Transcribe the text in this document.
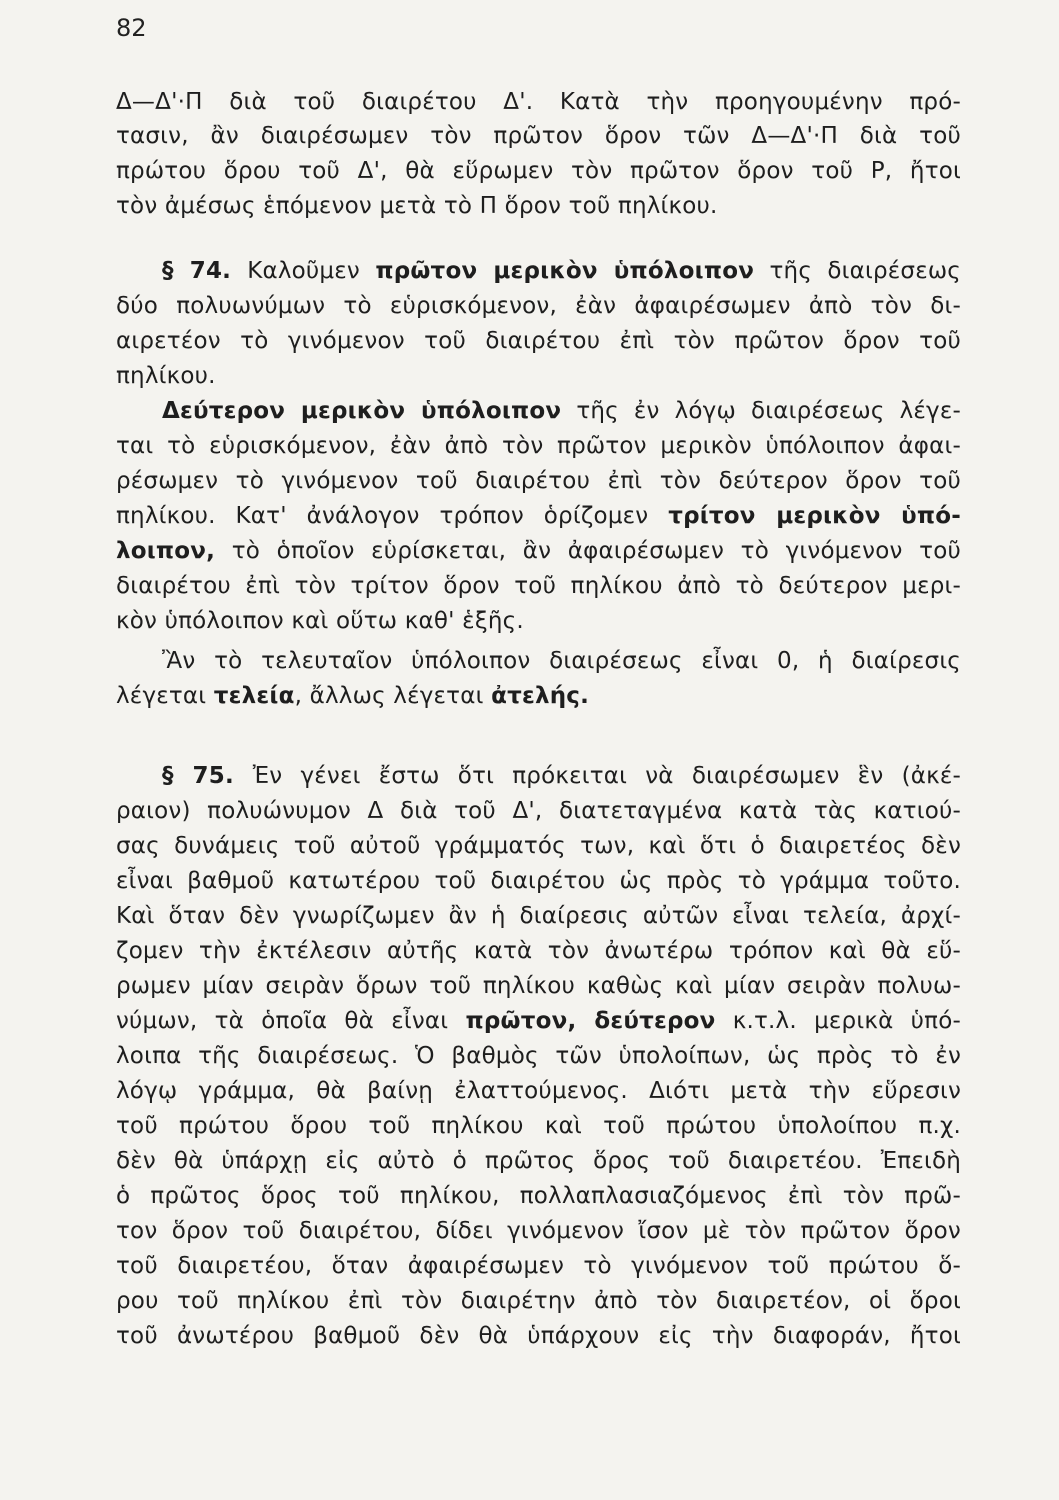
82
Δ—Δ'·Π διὰ τοῦ διαιρέτου Δ'. Κατὰ τὴν προηγουμένην πρό-
τασιν, ἂν διαιρέσωμεν τὸν πρῶτον ὅρον τῶν Δ—Δ'·Π διὰ τοῦ
πρώτου ὅρου τοῦ Δ', θὰ εὕρωμεν τὸν πρῶτον ὅρον τοῦ Ρ, ἤτοι
τὸν ἀμέσως ἑπόμενον μετὰ τὸ Π ὅρον τοῦ πηλίκου.
§ 74. Καλοῦμεν πρῶτον μερικὸν ὑπόλοιπον τῆς διαιρέσεως
δύο πολυωνύμων τὸ εὑρισκόμενον, ἐὰν ἀφαιρέσωμεν ἀπὸ τὸν δι-
αιρετέον τὸ γινόμενον τοῦ διαιρέτου ἐπὶ τὸν πρῶτον ὅρον τοῦ
πηλίκου.
Δεύτερον μερικὸν ὑπόλοιπον τῆς ἐν λόγῳ διαιρέσεως λέγε-
ται τὸ εὑρισκόμενον, ἐὰν ἀπὸ τὸν πρῶτον μερικὸν ὑπόλοιπον ἀφαι-
ρέσωμεν τὸ γινόμενον τοῦ διαιρέτου ἐπὶ τὸν δεύτερον ὅρον τοῦ
πηλίκου. Κατ' ἀνάλογον τρόπον ὁρίζομεν τρίτον μερικὸν ὑπό-
λοιπον, τὸ ὁποῖον εὑρίσκεται, ἂν ἀφαιρέσωμεν τὸ γινόμενον τοῦ
διαιρέτου ἐπὶ τὸν τρίτον ὅρον τοῦ πηλίκου ἀπὸ τὸ δεύτερον μερι-
κὸν ὑπόλοιπον καὶ οὕτω καθ' ἑξῆς.
Ἂν τὸ τελευταῖον ὑπόλοιπον διαιρέσεως εἶναι 0, ἡ διαίρεσις
λέγεται τελεία, ἄλλως λέγεται ἀτελής.
§ 75. Ἐν γένει ἔστω ὅτι πρόκειται νὰ διαιρέσωμεν ἓν (ἀκέ-
ραιον) πολυώνυμον Δ διὰ τοῦ Δ', διατεταγμένα κατὰ τὰς κατιού-
σας δυνάμεις τοῦ αὐτοῦ γράμματός των, καὶ ὅτι ὁ διαιρετέος δὲν
εἶναι βαθμοῦ κατωτέρου τοῦ διαιρέτου ὡς πρὸς τὸ γράμμα τοῦτο.
Καὶ ὅταν δὲν γνωρίζωμεν ἂν ἡ διαίρεσις αὐτῶν εἶναι τελεία, ἀρχί-
ζομεν τὴν ἐκτέλεσιν αὐτῆς κατὰ τὸν ἀνωτέρω τρόπον καὶ θὰ εὕ-
ρωμεν μίαν σειρὰν ὅρων τοῦ πηλίκου καθὼς καὶ μίαν σειρὰν πολυω-
νύμων, τὰ ὁποῖα θὰ εἶναι πρῶτον, δεύτερον κ.τ.λ. μερικὰ ὑπό-
λοιπα τῆς διαιρέσεως. Ὁ βαθμὸς τῶν ὑπολοίπων, ὡς πρὸς τὸ ἐν
λόγῳ γράμμα, θὰ βαίνῃ ἐλαττούμενος. Διότι μετὰ τὴν εὕρεσιν
τοῦ πρώτου ὅρου τοῦ πηλίκου καὶ τοῦ πρώτου ὑπολοίπου π.χ.
δὲν θὰ ὑπάρχῃ εἰς αὐτὸ ὁ πρῶτος ὅρος τοῦ διαιρετέου. Ἐπειδὴ
ὁ πρῶτος ὅρος τοῦ πηλίκου, πολλαπλασιαζόμενος ἐπὶ τὸν πρῶ-
τον ὅρον τοῦ διαιρέτου, δίδει γινόμενον ἴσον μὲ τὸν πρῶτον ὅρον
τοῦ διαιρετέου, ὅταν ἀφαιρέσωμεν τὸ γινόμενον τοῦ πρώτου ὅ-
ρου τοῦ πηλίκου ἐπὶ τὸν διαιρέτην ἀπὸ τὸν διαιρετέον, οἱ ὅροι
τοῦ ἀνωτέρου βαθμοῦ δὲν θὰ ὑπάρχουν εἰς τὴν διαφοράν, ἤτοι
